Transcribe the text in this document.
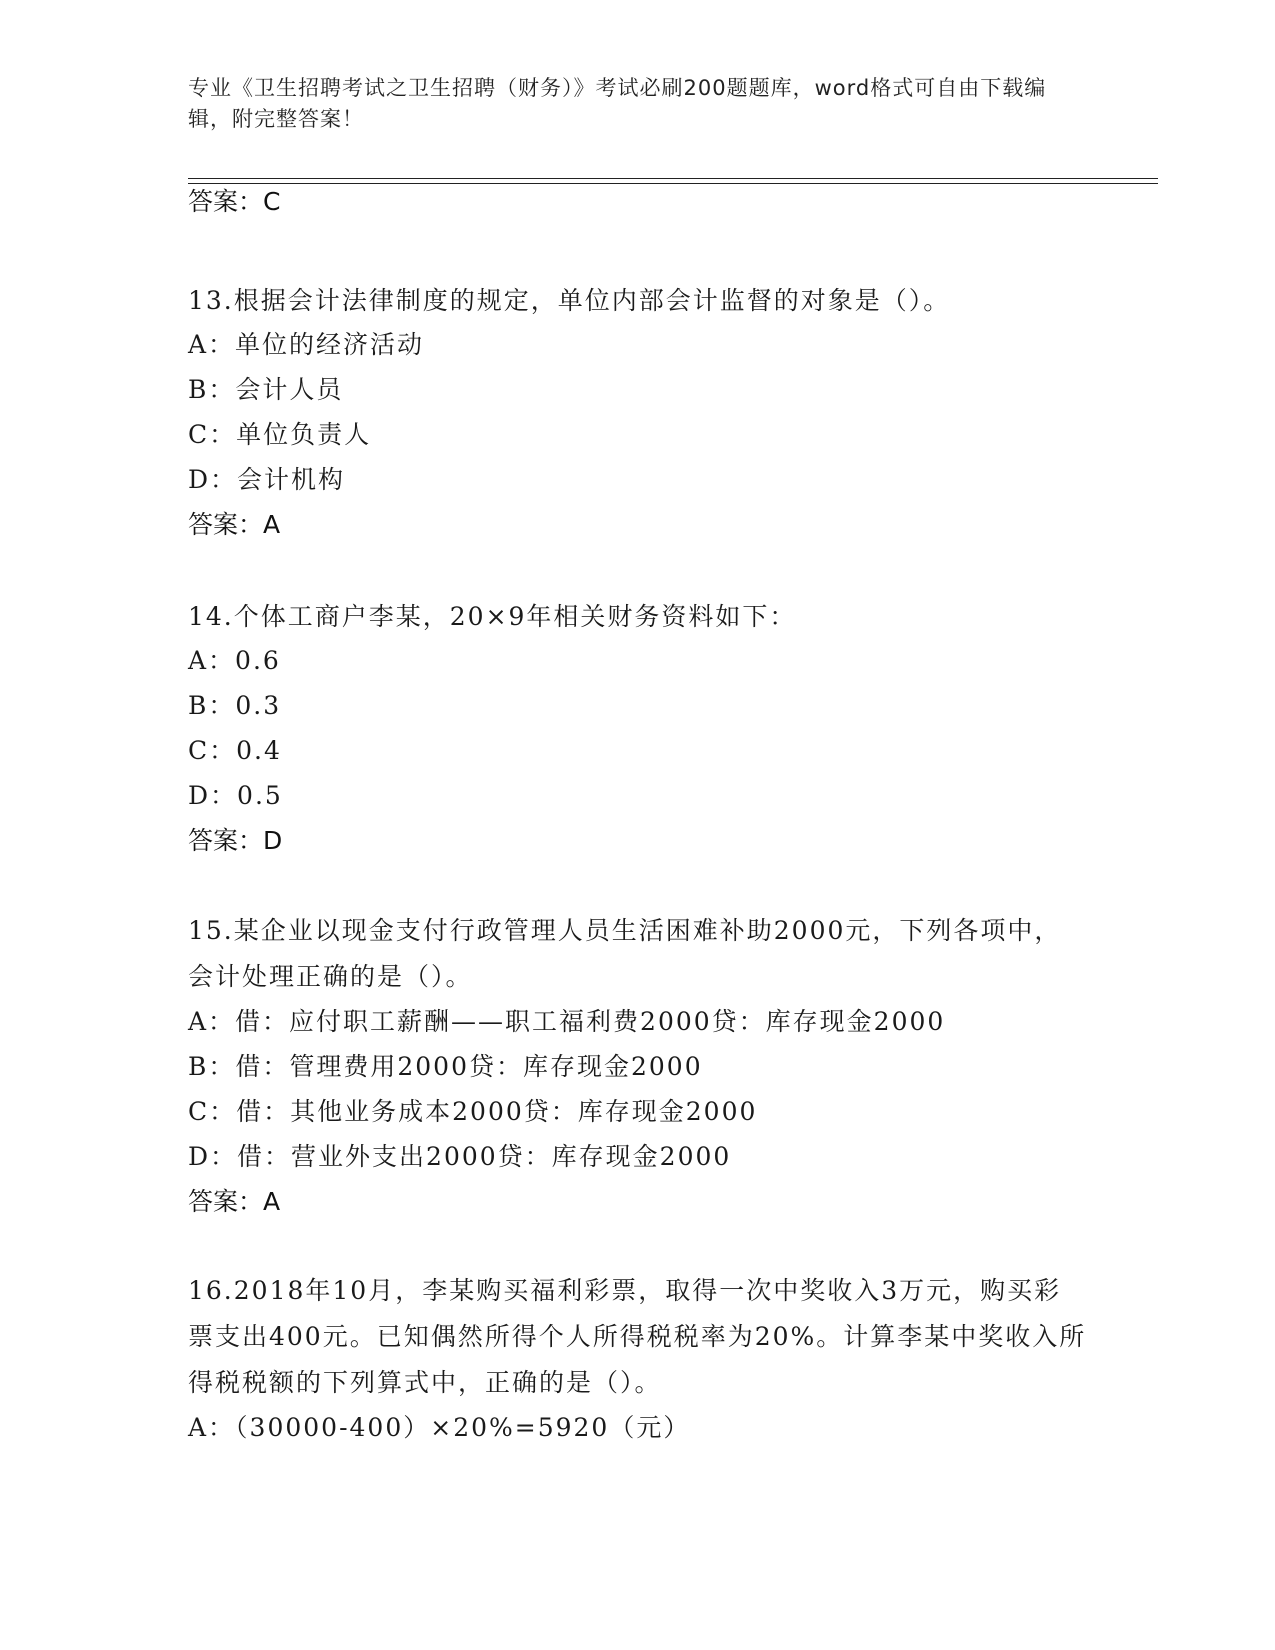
专业《卫生招聘考试之卫生招聘（财务）》考试必刷200题题库，word格式可自由下载编辑，附完整答案！
答案：C
13.根据会计法律制度的规定，单位内部会计监督的对象是（）。
A：单位的经济活动
B：会计人员
C：单位负责人
D：会计机构
答案：A
14.个体工商户李某，20×9年相关财务资料如下：
A：0.6
B：0.3
C：0.4
D：0.5
答案：D
15.某企业以现金支付行政管理人员生活困难补助2000元，下列各项中，会计处理正确的是（）。
A：借：应付职工薪酬——职工福利费2000贷：库存现金2000
B：借：管理费用2000贷：库存现金2000
C：借：其他业务成本2000贷：库存现金2000
D：借：营业外支出2000贷：库存现金2000
答案：A
16.2018年10月，李某购买福利彩票，取得一次中奖收入3万元，购买彩票支出400元。已知偶然所得个人所得税税率为20%。计算李某中奖收入所得税税额的下列算式中，正确的是（）。
A：（30000-400）×20%=5920（元）
